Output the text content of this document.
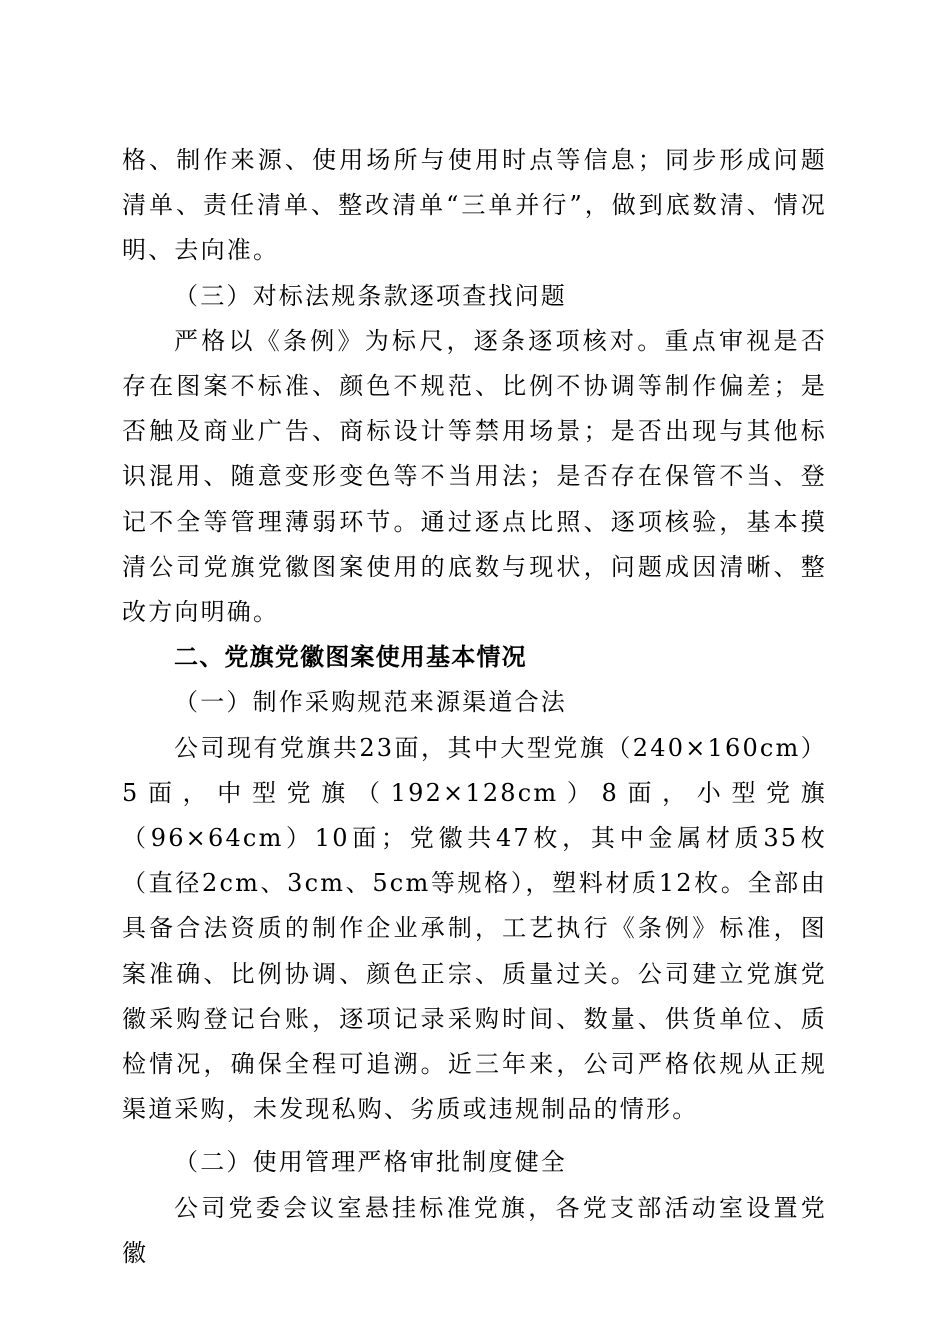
格、制作来源、使用场所与使用时点等信息；同步形成问题清单、责任清单、整改清单“三单并行”，做到底数清、情况明、去向准。

（三）对标法规条款逐项查找问题

严格以《条例》为标尺，逐条逐项核对。重点审视是否存在图案不标准、颜色不规范、比例不协调等制作偏差；是否触及商业广告、商标设计等禁用场景；是否出现与其他标识混用、随意变形变色等不当用法；是否存在保管不当、登记不全等管理薄弱环节。通过逐点比照、逐项核验，基本摸清公司党旗党徽图案使用的底数与现状，问题成因清晰、整改方向明确。

二、党旗党徽图案使用基本情况

（一）制作采购规范来源渠道合法

公司现有党旗共23面，其中大型党旗（240×160cm）5面，中型党旗（192×128cm）8面，小型党旗（96×64cm）10面；党徽共47枚，其中金属材质35枚（直径2cm、3cm、5cm等规格），塑料材质12枚。全部由具备合法资质的制作企业承制，工艺执行《条例》标准，图案准确、比例协调、颜色正宗、质量过关。公司建立党旗党徽采购登记台账，逐项记录采购时间、数量、供货单位、质检情况，确保全程可追溯。近三年来，公司严格依规从正规渠道采购，未发现私购、劣质或违规制品的情形。

（二）使用管理严格审批制度健全

公司党委会议室悬挂标准党旗，各党支部活动室设置党徽
